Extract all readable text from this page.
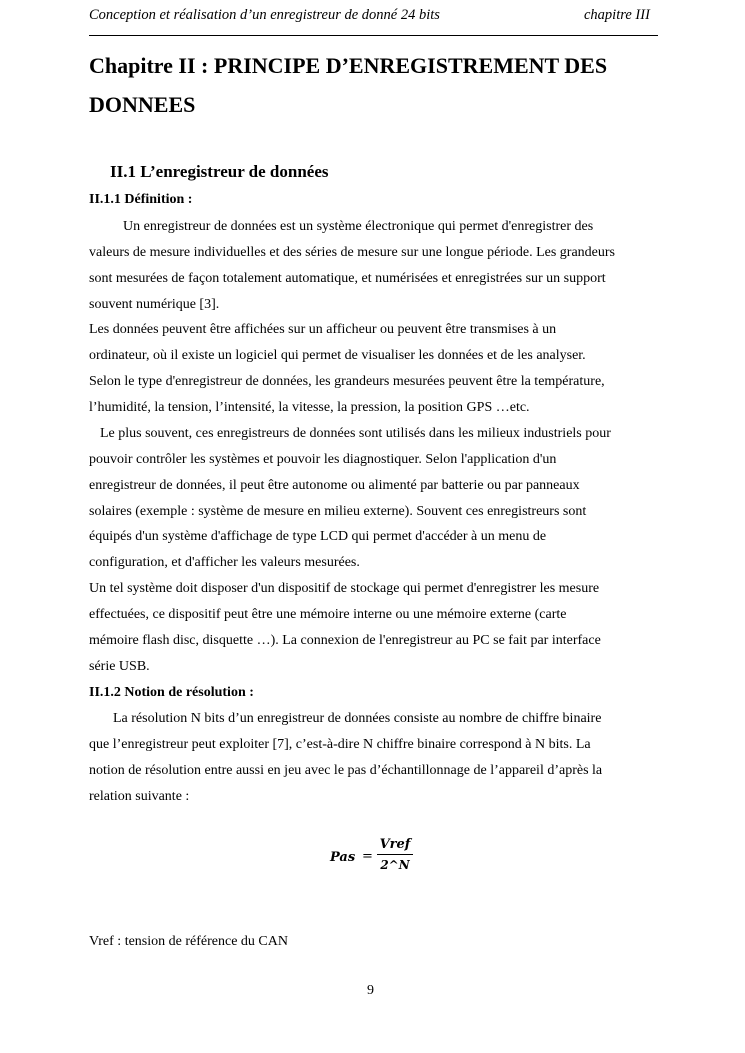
Conception et réalisation d’un enregistreur de donné 24 bits	chapitre III

Chapitre II : PRINCIPE D’ENREGISTREMENT DES
DONNEES
II.1 L’enregistreur de données
II.1.1 Définition :

Un enregistreur de données est un système électronique qui permet d'enregistrer des

valeurs de mesure individuelles et des séries de mesure sur une longue période. Les grandeurs

sont mesurées de façon totalement automatique, et numérisées et enregistrées sur un support

souvent numérique [3].

Les données peuvent être affichées sur un afficheur ou peuvent être transmises à un

ordinateur, où il existe un logiciel qui permet de visualiser les données et de les analyser.

Selon le type d'enregistreur de données, les grandeurs mesurées peuvent être la température,

l’humidité, la tension, l’intensité, la vitesse, la pression, la position GPS …etc.

Le plus souvent, ces enregistreurs de données sont utilisés dans les milieux industriels pour

pouvoir contrôler les systèmes et pouvoir les diagnostiquer. Selon l'application d'un

enregistreur de données, il peut être autonome ou alimenté par batterie ou par panneaux

solaires (exemple : système de mesure en milieu externe). Souvent ces enregistreurs sont

équipés d'un système d'affichage de type LCD qui permet d'accéder à un menu de

configuration, et d'afficher les valeurs mesurées.

Un tel système doit disposer d'un dispositif de stockage qui permet d'enregistrer les mesure

effectuées, ce dispositif peut être une mémoire interne ou une mémoire externe (carte

mémoire flash disc, disquette …). La connexion de l'enregistreur au PC se fait par interface

série USB.

II.1.2 Notion de résolution :

La résolution N bits d’un enregistreur de données consiste au nombre de chiffre binaire

que l’enregistreur peut exploiter [7], c’est-à-dire N chiffre binaire correspond à N bits. La

notion de résolution entre aussi en jeu avec le pas d’échantillonnage de l’appareil d’après la

relation suivante :

Pas =
Vref
2^N

Vref : tension de référence du CAN

9
